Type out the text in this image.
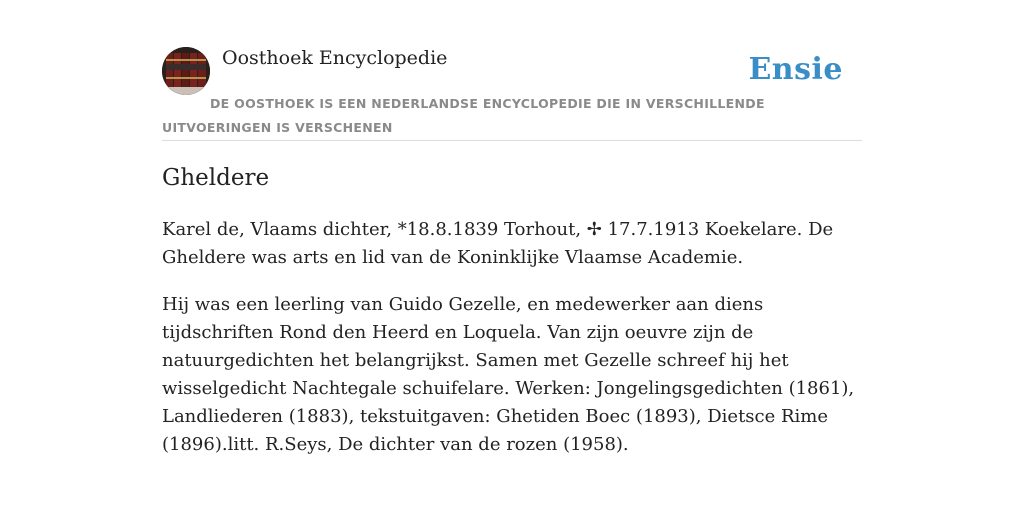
Oosthoek Encyclopedie	Ensie
DE OOSTHOEK IS EEN NEDERLANDSE ENCYCLOPEDIE DIE IN VERSCHILLENDE UITVOERINGEN IS VERSCHENEN
Gheldere

Karel de, Vlaams dichter, *18.8.1839 Torhout, ✢ 17.7.1913 Koekelare. De Gheldere was arts en lid van de Koninklijke Vlaamse Academie.

Hij was een leerling van Guido Gezelle, en medewerker aan diens tijdschriften Rond den Heerd en Loquela. Van zijn oeuvre zijn de natuurgedichten het belangrijkst. Samen met Gezelle schreef hij het wisselgedicht Nachtegale schuifelare. Werken: Jongelingsgedichten (1861), Landliederen (1883), tekstuitgaven: Ghetiden Boec (1893), Dietsce Rime (1896).litt. R.Seys, De dichter van de rozen (1958).
